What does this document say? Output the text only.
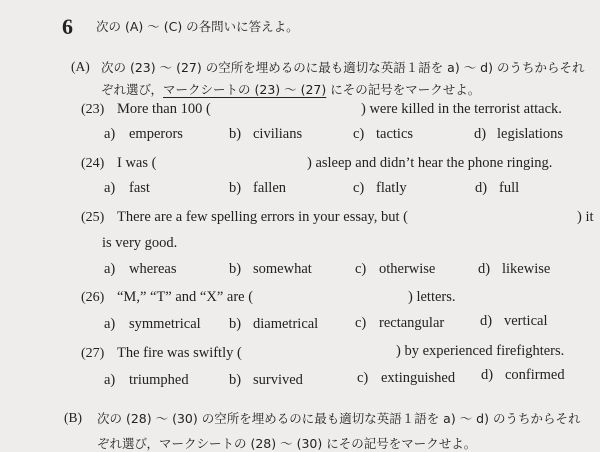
6 次の (A) ～ (C) の各問いに答えよ。
(A) 次の (23) ～ (27) の空所を埋めるのに最も適切な英語１語を a) ～ d) のうちからそれ
ぞれ選び，マークシートの (23) ～ (27) にその記号をマークせよ。
(23) More than 100 (	) were killed in the terrorist attack.
a) emperors	b) civilians	c) tactics	d) legislations
(24) I was (	) asleep and didn’t hear the phone ringing.
a) fast	b) fallen	c) flatly	d) full
(25) There are a few spelling errors in your essay, but (	) it
is very good.
a) whereas	b) somewhat	c) otherwise	d) likewise
(26) “M,” “T” and “X” are (	) letters.
a) symmetrical b) diametrical	c) rectangular d) vertical
(27) The fire was swiftly (	) by experienced firefighters.
a) triumphed	b) survived	c) extinguished d) confirmed
(B) 次の (28) ～ (30) の空所を埋めるのに最も適切な英語１語を a) ～ d) のうちからそれ
ぞれ選び，マークシートの (28) ～ (30) にその記号をマークせよ。
